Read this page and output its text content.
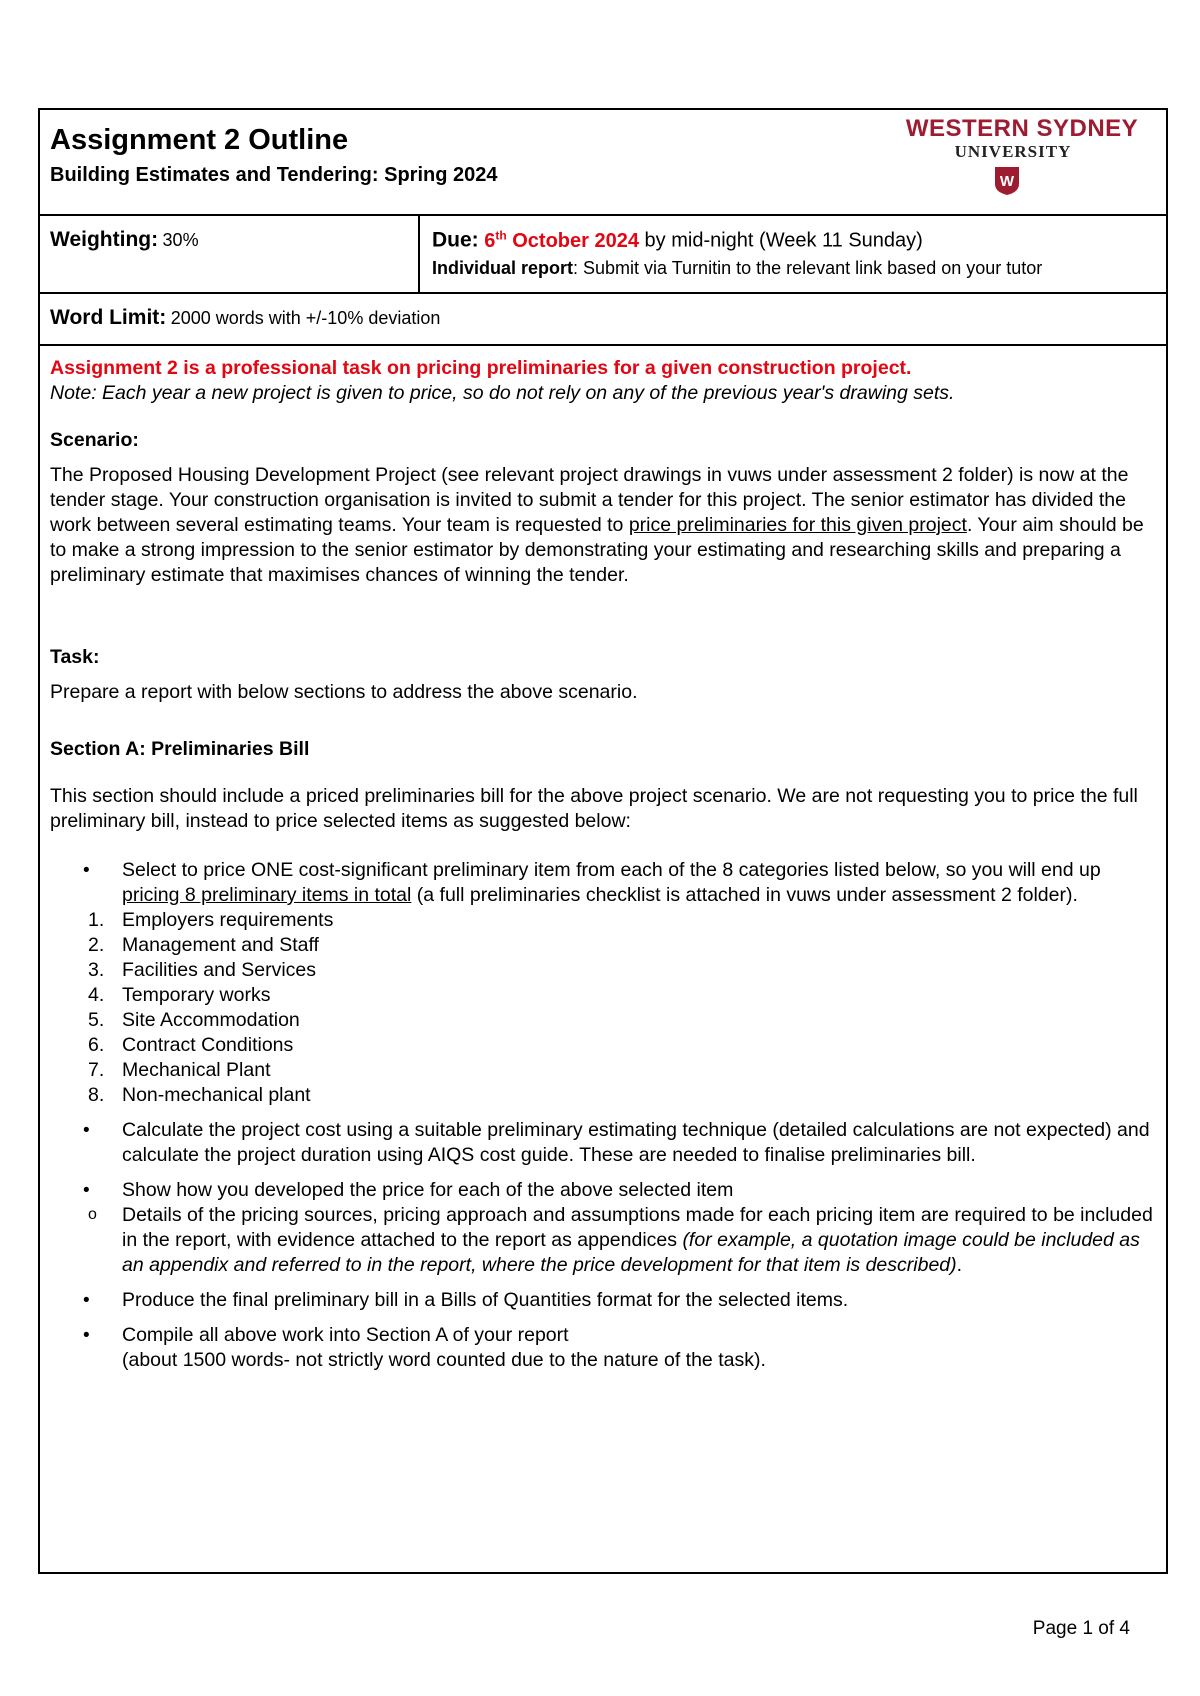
Assignment 2 Outline
Building Estimates and Tendering: Spring 2024
WESTERN SYDNEY
UNIVERSITY
W
Weighting: 30%	Due: 6th October 2024 by mid-night (Week 11 Sunday)
Individual report: Submit via Turnitin to the relevant link based on your tutor
Word Limit: 2000 words with +/-10% deviation

Assignment 2 is a professional task on pricing preliminaries for a given construction project.

Note: Each year a new project is given to price, so do not rely on any of the previous year's drawing sets.

Scenario:

The Proposed Housing Development Project (see relevant project drawings in vuws under assessment 2 folder) is now at the tender stage. Your construction organisation is invited to submit a tender for this project. The senior estimator has divided the work between several estimating teams. Your team is requested to price preliminaries for this given project. Your aim should be to make a strong impression to the senior estimator by demonstrating your estimating and researching skills and preparing a preliminary estimate that maximises chances of winning the tender.

Task:

Prepare a report with below sections to address the above scenario.

Section A: Preliminaries Bill

This section should include a priced preliminaries bill for the above project scenario. We are not requesting you to price the full preliminary bill, instead to price selected items as suggested below:

• Select to price ONE cost-significant preliminary item from each of the 8 categories listed below, so you will end up pricing 8 preliminary items in total (a full preliminaries checklist is attached in vuws under assessment 2 folder).
1. Employers requirements
2. Management and Staff
3. Facilities and Services
4. Temporary works
5. Site Accommodation
6. Contract Conditions
7. Mechanical Plant
8. Non-mechanical plant
• Calculate the project cost using a suitable preliminary estimating technique (detailed calculations are not expected) and calculate the project duration using AIQS cost guide. These are needed to finalise preliminaries bill.
• Show how you developed the price for each of the above selected item
o Details of the pricing sources, pricing approach and assumptions made for each pricing item are required to be included in the report, with evidence attached to the report as appendices (for example, a quotation image could be included as an appendix and referred to in the report, where the price development for that item is described).
• Produce the final preliminary bill in a Bills of Quantities format for the selected items.
• Compile all above work into Section A of your report
(about 1500 words- not strictly word counted due to the nature of the task).
Page 1 of 4
